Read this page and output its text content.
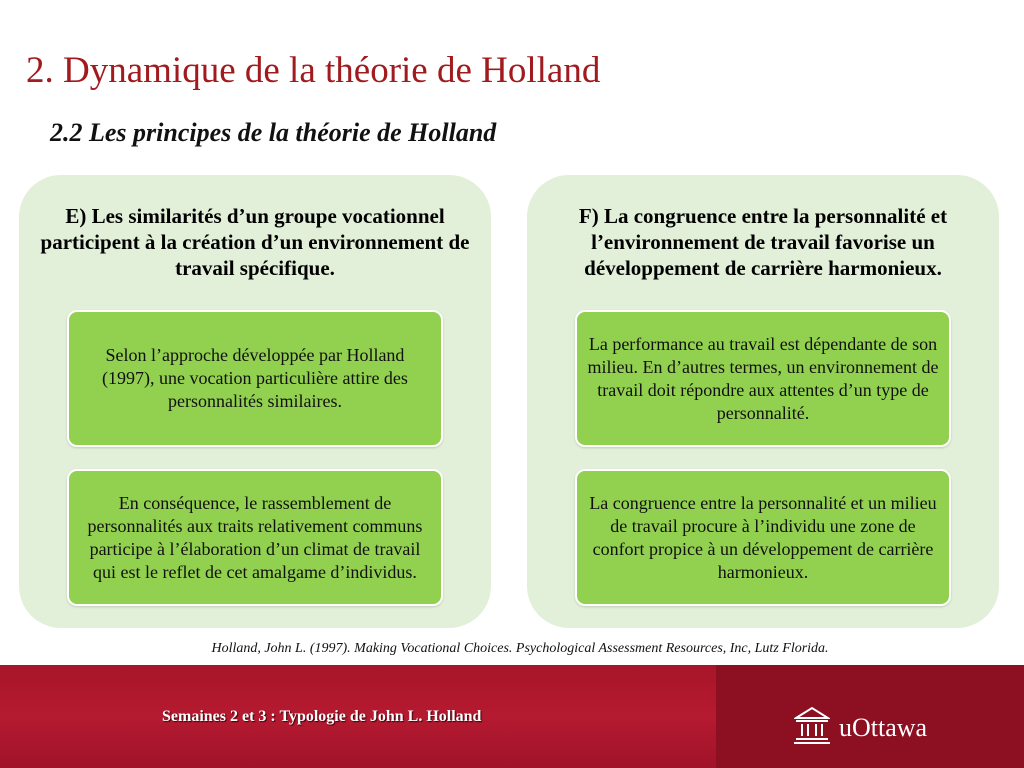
2. Dynamique de la théorie de Holland
2.2 Les principes de la théorie de Holland
E) Les similarités d’un groupe vocationnel participent à la création d’un environnement de travail spécifique.
Selon l’approche développée par Holland (1997), une vocation particulière attire des personnalités similaires.
En conséquence, le rassemblement de personnalités aux traits relativement communs participe à l’élaboration d’un climat de travail qui est le reflet de cet amalgame d’individus.
F) La congruence entre la personnalité et l’environnement de travail favorise un développement de carrière harmonieux.
La performance au travail est dépendante de son milieu. En d’autres termes, un environnement de travail doit répondre aux attentes d’un type de personnalité.
La congruence entre la personnalité et un milieu de travail procure à l’individu une zone de confort propice à un développement de carrière harmonieux.
Holland, John L. (1997). Making Vocational Choices. Psychological Assessment Resources, Inc, Lutz Florida.
Semaines 2 et 3 : Typologie de John L. Holland	uOttawa
